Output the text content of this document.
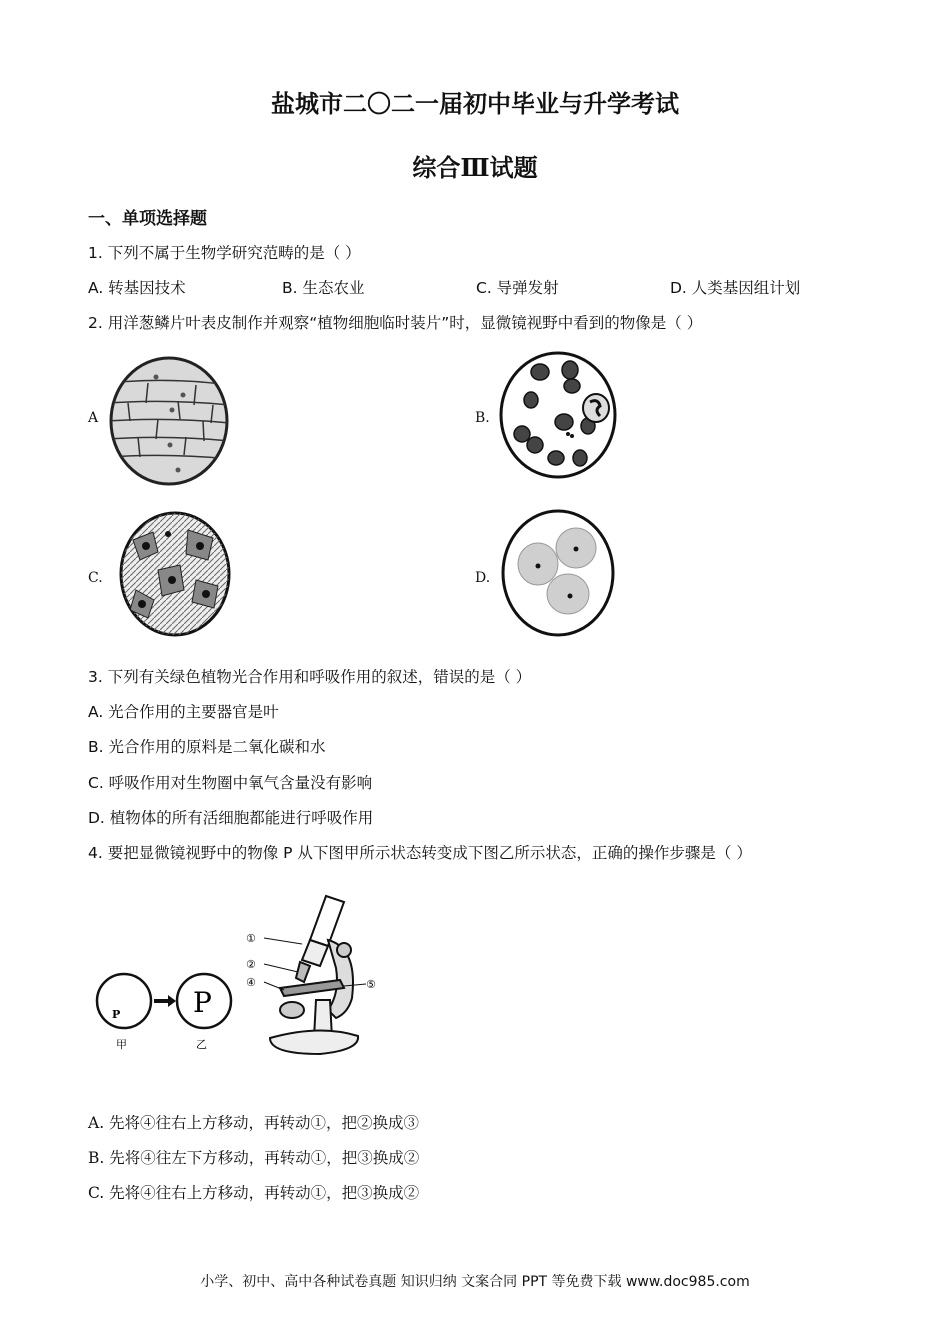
盐城市二〇二一届初中毕业与升学考试
综合Ⅲ试题
一、单项选择题
1. 下列不属于生物学研究范畴的是（ ）
A. 转基因技术	B. 生态农业	C. 导弹发射	D. 人类基因组计划
2. 用洋葱鳞片叶表皮制作并观察“植物细胞临时装片”时，显微镜视野中看到的物像是（ ）
A	B.
C.	D.
3. 下列有关绿色植物光合作用和呼吸作用的叙述，错误的是（ ）
A. 光合作用的主要器官是叶
B. 光合作用的原料是二氧化碳和水
C. 呼吸作用对生物圈中氧气含量没有影响
D. 植物体的所有活细胞都能进行呼吸作用
4. 要把显微镜视野中的物像 P 从下图甲所示状态转变成下图乙所示状态，正确的操作步骤是（ ）
P	P
甲	乙
①
②
④	⑤
A. 先将④往右上方移动，再转动①，把②换成③
B. 先将④往左下方移动，再转动①，把③换成②
C. 先将④往右上方移动，再转动①，把③换成②
小学、初中、高中各种试卷真题 知识归纳 文案合同 PPT 等免费下载 www.doc985.com
